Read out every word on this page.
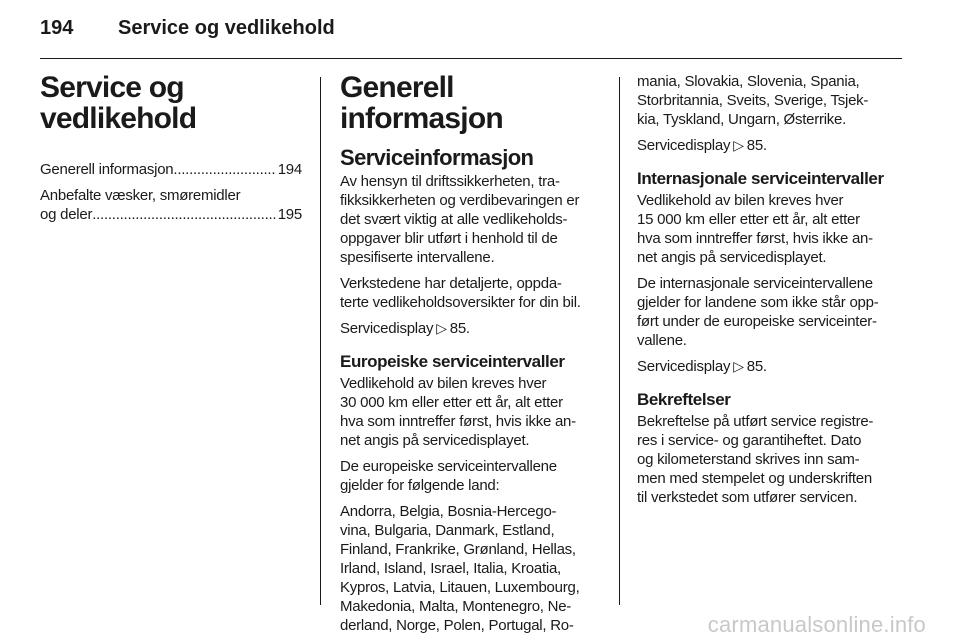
194 Service og vedlikehold
Service og
vedlikehold
Generell informasjon .....	194
Anbefalte væsker, smøremidler
og deler .....	195
Generell informasjon
Serviceinformasjon

Av hensyn til driftssikkerheten, tra-
fikksikkerheten og verdibevaringen er
det svært viktig at alle vedlikeholds-
oppgaver blir utført i henhold til de
spesifiserte intervallene.

Verkstedene har detaljerte, oppda-
terte vedlikeholdsoversikter for din bil.

Servicedisplay ▷ 85.

Europeiske serviceintervaller

Vedlikehold av bilen kreves hver
30 000 km eller etter ett år, alt etter
hva som inntreffer først, hvis ikke an-
net angis på servicedisplayet.

De europeiske serviceintervallene
gjelder for følgende land:

Andorra, Belgia, Bosnia-Hercego-
vina, Bulgaria, Danmark, Estland,
Finland, Frankrike, Grønland, Hellas,
Irland, Island, Israel, Italia, Kroatia,
Kypros, Latvia, Litauen, Luxembourg,
Makedonia, Malta, Montenegro, Ne-
derland, Norge, Polen, Portugal, Ro-

mania, Slovakia, Slovenia, Spania,
Storbritannia, Sveits, Sverige, Tsjek-
kia, Tyskland, Ungarn, Østerrike.

Servicedisplay ▷ 85.

Internasjonale serviceintervaller

Vedlikehold av bilen kreves hver
15 000 km eller etter ett år, alt etter
hva som inntreffer først, hvis ikke an-
net angis på servicedisplayet.

De internasjonale serviceintervallene
gjelder for landene som ikke står opp-
ført under de europeiske serviceinter-
vallene.

Servicedisplay ▷ 85.

Bekreftelser

Bekreftelse på utført service registre-
res i service- og garantiheftet. Dato
og kilometerstand skrives inn sam-
men med stempelet og underskriften
til verkstedet som utfører servicen.

carmanualsonline.info
